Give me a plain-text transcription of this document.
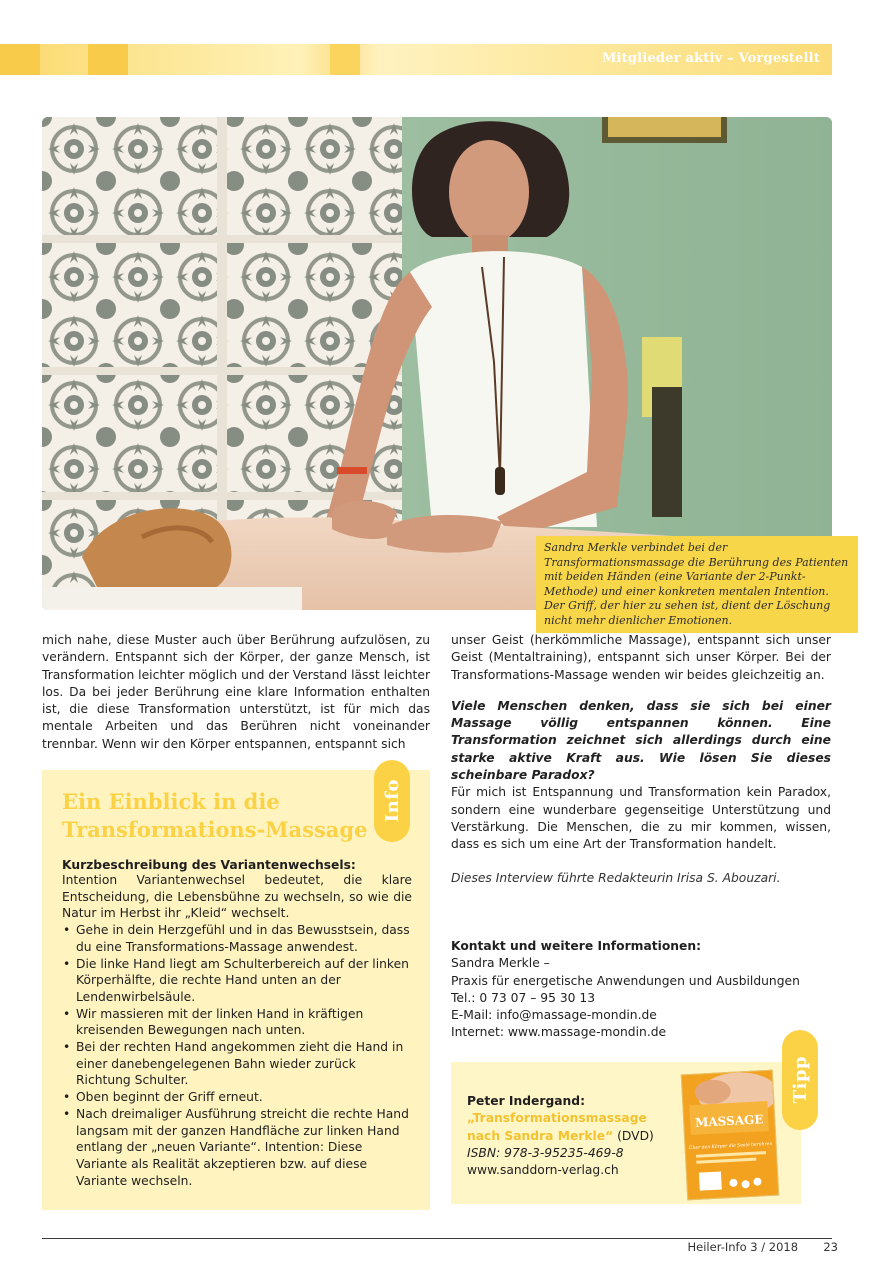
Mitglieder aktiv – Vorgestellt
Sandra Merkle verbindet bei der Transformationsmassage die Berührung des Patienten mit beiden Händen (eine Variante der 2-Punkt-Methode) und einer konkreten mentalen Intention. Der Griff, der hier zu sehen ist, dient der Löschung nicht mehr dienlicher Emotionen.

mich nahe, diese Muster auch über Berührung aufzulösen, zu verändern. Entspannt sich der Körper, der ganze Mensch, ist Transformation leichter möglich und der Verstand lässt leichter los. Da bei jeder Berührung eine klare Information enthalten ist, die diese Transformation unterstützt, ist für mich das mentale Arbeiten und das Berühren nicht voneinander trennbar. Wenn wir den Körper entspannen, entspannt sich

unser Geist (herkömmliche Massage), entspannt sich unser Geist (Mentaltraining), entspannt sich unser Körper. Bei der Transformations-Massage wenden wir beides gleichzeitig an.

Viele Menschen denken, dass sie sich bei einer Massage völlig entspannen können. Eine Transformation zeichnet sich allerdings durch eine starke aktive Kraft aus. Wie lösen Sie dieses scheinbare Paradox?

Für mich ist Entspannung und Transformation kein Paradox, sondern eine wunderbare gegenseitige Unterstützung und Verstärkung. Die Menschen, die zu mir kommen, wissen, dass es sich um eine Art der Transformation handelt.

Dieses Interview führte Redakteurin Irisa S. Abouzari.

Ein Einblick in die Transformations-Massage
Kurzbeschreibung des Variantenwechsels:

Intention Variantenwechsel bedeutet, die klare Entscheidung, die Lebensbühne zu wechseln, so wie die Natur im Herbst ihr „Kleid“ wechselt.

• Gehe in dein Herzgefühl und in das Bewusstsein, dass du eine Transformations-Massage anwendest.
• Die linke Hand liegt am Schulterbereich auf der linken Körperhälfte, die rechte Hand unten an der Lendenwirbelsäule.
• Wir massieren mit der linken Hand in kräftigen kreisenden Bewegungen nach unten.
• Bei der rechten Hand angekommen zieht die Hand in einer danebengelegenen Bahn wieder zurück Richtung Schulter.
• Oben beginnt der Griff erneut.
• Nach dreimaliger Ausführung streicht die rechte Hand langsam mit der ganzen Handfläche zur linken Hand entlang der „neuen Variante“. Intention: Diese Variante als Realität akzeptieren bzw. auf diese Variante wechseln.
Info
Kontakt und weitere Informationen:
Sandra Merkle –
Praxis für energetische Anwendungen und Ausbildungen
Tel.: 0 73 07 – 95 30 13
E-Mail: info@massage-mondin.de
Internet: www.massage-mondin.de
Peter Indergand:
„Transformationsmassage nach Sandra Merkle“ (DVD)
ISBN: 978-3-95235-469-8
www.sanddorn-verlag.ch
MASSAGE
Über den Körper die Seele berühren
Tipp
Heiler-Info 3 / 2018 23
